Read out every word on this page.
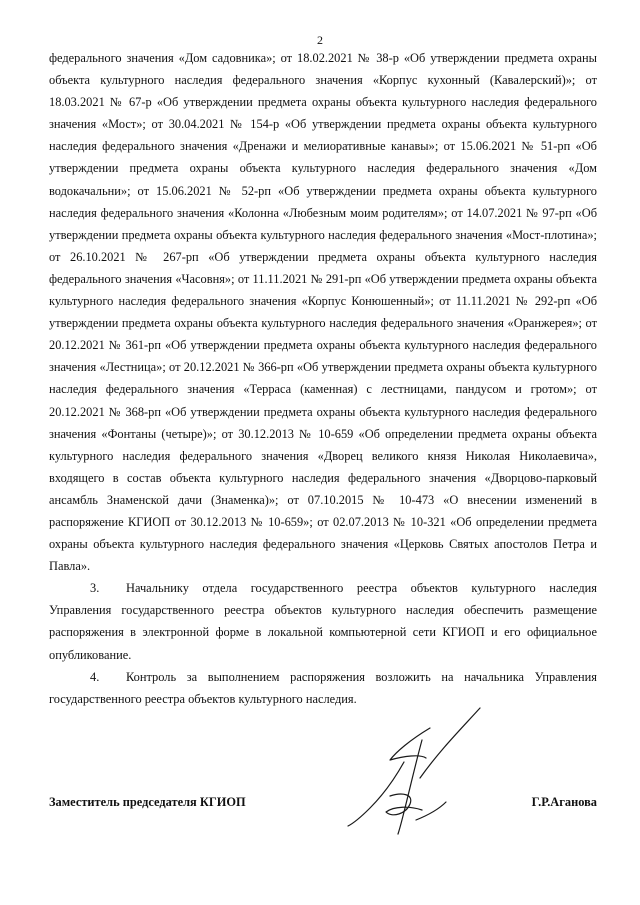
2

федерального значения «Дом садовника»; от 18.02.2021 № 38-р «Об утверждении предмета охраны объекта культурного наследия федерального значения «Корпус кухонный (Кавалерский)»; от 18.03.2021 № 67-р «Об утверждении предмета охраны объекта культурного наследия федерального значения «Мост»; от 30.04.2021 № 154-р «Об утверждении предмета охраны объекта культурного наследия федерального значения «Дренажи и мелиоративные канавы»; от 15.06.2021 № 51-рп «Об утверждении предмета охраны объекта культурного наследия федерального значения «Дом водокачальни»; от 15.06.2021 № 52-рп «Об утверждении предмета охраны объекта культурного наследия федерального значения «Колонна «Любезным моим родителям»; от 14.07.2021 № 97-рп «Об утверждении предмета охраны объекта культурного наследия федерального значения «Мост-плотина»; от 26.10.2021 № 267-рп «Об утверждении предмета охраны объекта культурного наследия федерального значения «Часовня»; от 11.11.2021 № 291-рп «Об утверждении предмета охраны объекта культурного наследия федерального значения «Корпус Конюшенный»; от 11.11.2021 № 292-рп «Об утверждении предмета охраны объекта культурного наследия федерального значения «Оранжерея»; от 20.12.2021 № 361-рп «Об утверждении предмета охраны объекта культурного наследия федерального значения «Лестница»; от 20.12.2021 № 366-рп «Об утверждении предмета охраны объекта культурного наследия федерального значения «Терраса (каменная) с лестницами, пандусом и гротом»; от 20.12.2021 № 368-рп «Об утверждении предмета охраны объекта культурного наследия федерального значения «Фонтаны (четыре)»; от 30.12.2013 № 10-659 «Об определении предмета охраны объекта культурного наследия федерального значения «Дворец великого князя Николая Николаевича», входящего в состав объекта культурного наследия федерального значения «Дворцово-парковый ансамбль Знаменской дачи (Знаменка)»; от 07.10.2015 № 10-473 «О внесении изменений в распоряжение КГИОП от 30.12.2013 № 10-659»; от 02.07.2013 № 10-321 «Об определении предмета охраны объекта культурного наследия федерального значения «Церковь Святых апостолов Петра и Павла».

3. Начальнику отдела государственного реестра объектов культурного наследия Управления государственного реестра объектов культурного наследия обеспечить размещение распоряжения в электронной форме в локальной компьютерной сети КГИОП и его официальное опубликование.

4. Контроль за выполнением распоряжения возложить на начальника Управления государственного реестра объектов культурного наследия.

Заместитель председателя КГИОП	Г.Р.Аганова
